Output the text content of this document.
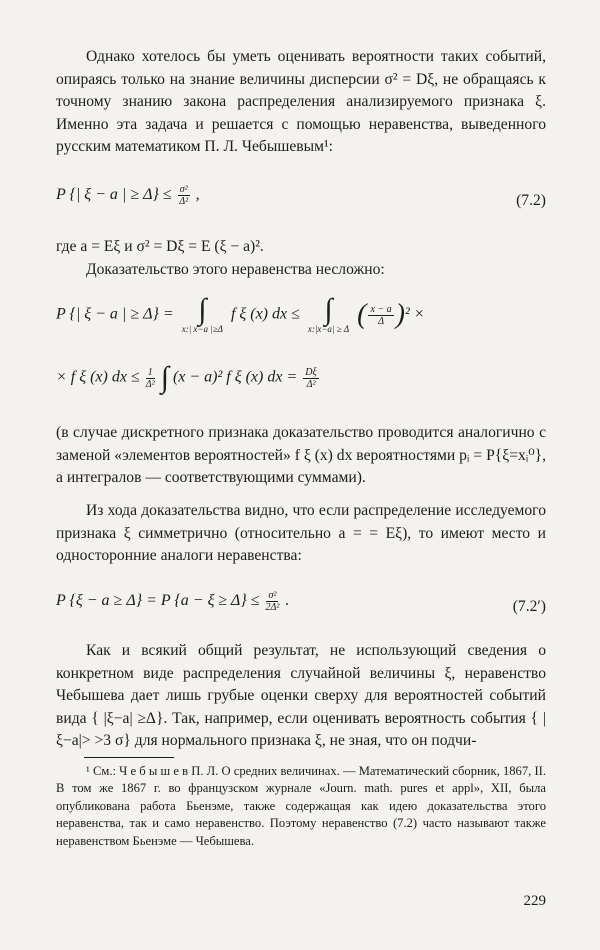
Однако хотелось бы уметь оценивать вероятности таких событий, опираясь только на знание величины дисперсии σ² = Dξ, не обращаясь к точному знанию закона распределения анализируемого признака ξ. Именно эта задача и решается с помощью неравенства, выведенного русским математиком П. Л. Чебышевым¹:

P {| ξ − a | ≥ $\Delta\} \le \frac{\text{σ²}}{\text{Δ²}}$ ,	(7.2)

где a = Eξ и σ² = Dξ = E (ξ − a)².

Доказательство этого неравенства несложно:

P {| ξ − a | ≥ Δ} = ∫
x:| x−a |≥Δ
f ξ (x) dx ≤ ∫
x:|x−a| ≥ Δ ( $\frac{x - a}{\Delta} )^2$ ×
× f ξ (x) dx ≤ $\frac{1}{\text{Δ²}}$ ∫ (x − a)² f ξ (x) dx = $\frac{D\xi}{\text{Δ²}}$

(в случае дискретного признака доказательство проводится аналогично с заменой «элементов вероятностей» f ξ (x) dx вероятностями pᵢ = P{ξ=xᵢ⁰}, а интегралов — соответствующими суммами).

Из хода доказательства видно, что если распределение исследуемого признака ξ симметрично (относительно a = = Eξ), то имеют место и односторонние аналоги неравенства:

P {ξ − a ≥ Δ} = P $\{a - \xi \ge \Delta\} \le \frac{\text{σ²}}{\text{2Δ²}}$ .	(7.2′)

Как и всякий общий результат, не использующий сведения о конкретном виде распределения случайной величины ξ, неравенство Чебышева дает лишь грубые оценки сверху для вероятностей событий вида { |ξ−a| ≥Δ}. Так, например, если оценивать вероятность события { |ξ−a|> >3 σ} для нормального признака ξ, не зная, что он подчи-

¹ См.: Ч е б ы ш е в П. Л. О средних величинах. — Математический сборник, 1867, II. В том же 1867 г. во французском журнале «Journ. math. pures et appl», XII, была опубликована работа Бьенэме, также содержащая как идею доказательства этого неравенства, так и само неравенство. Поэтому неравенство (7.2) часто называют также неравенством Бьенэме — Чебышева.

229
